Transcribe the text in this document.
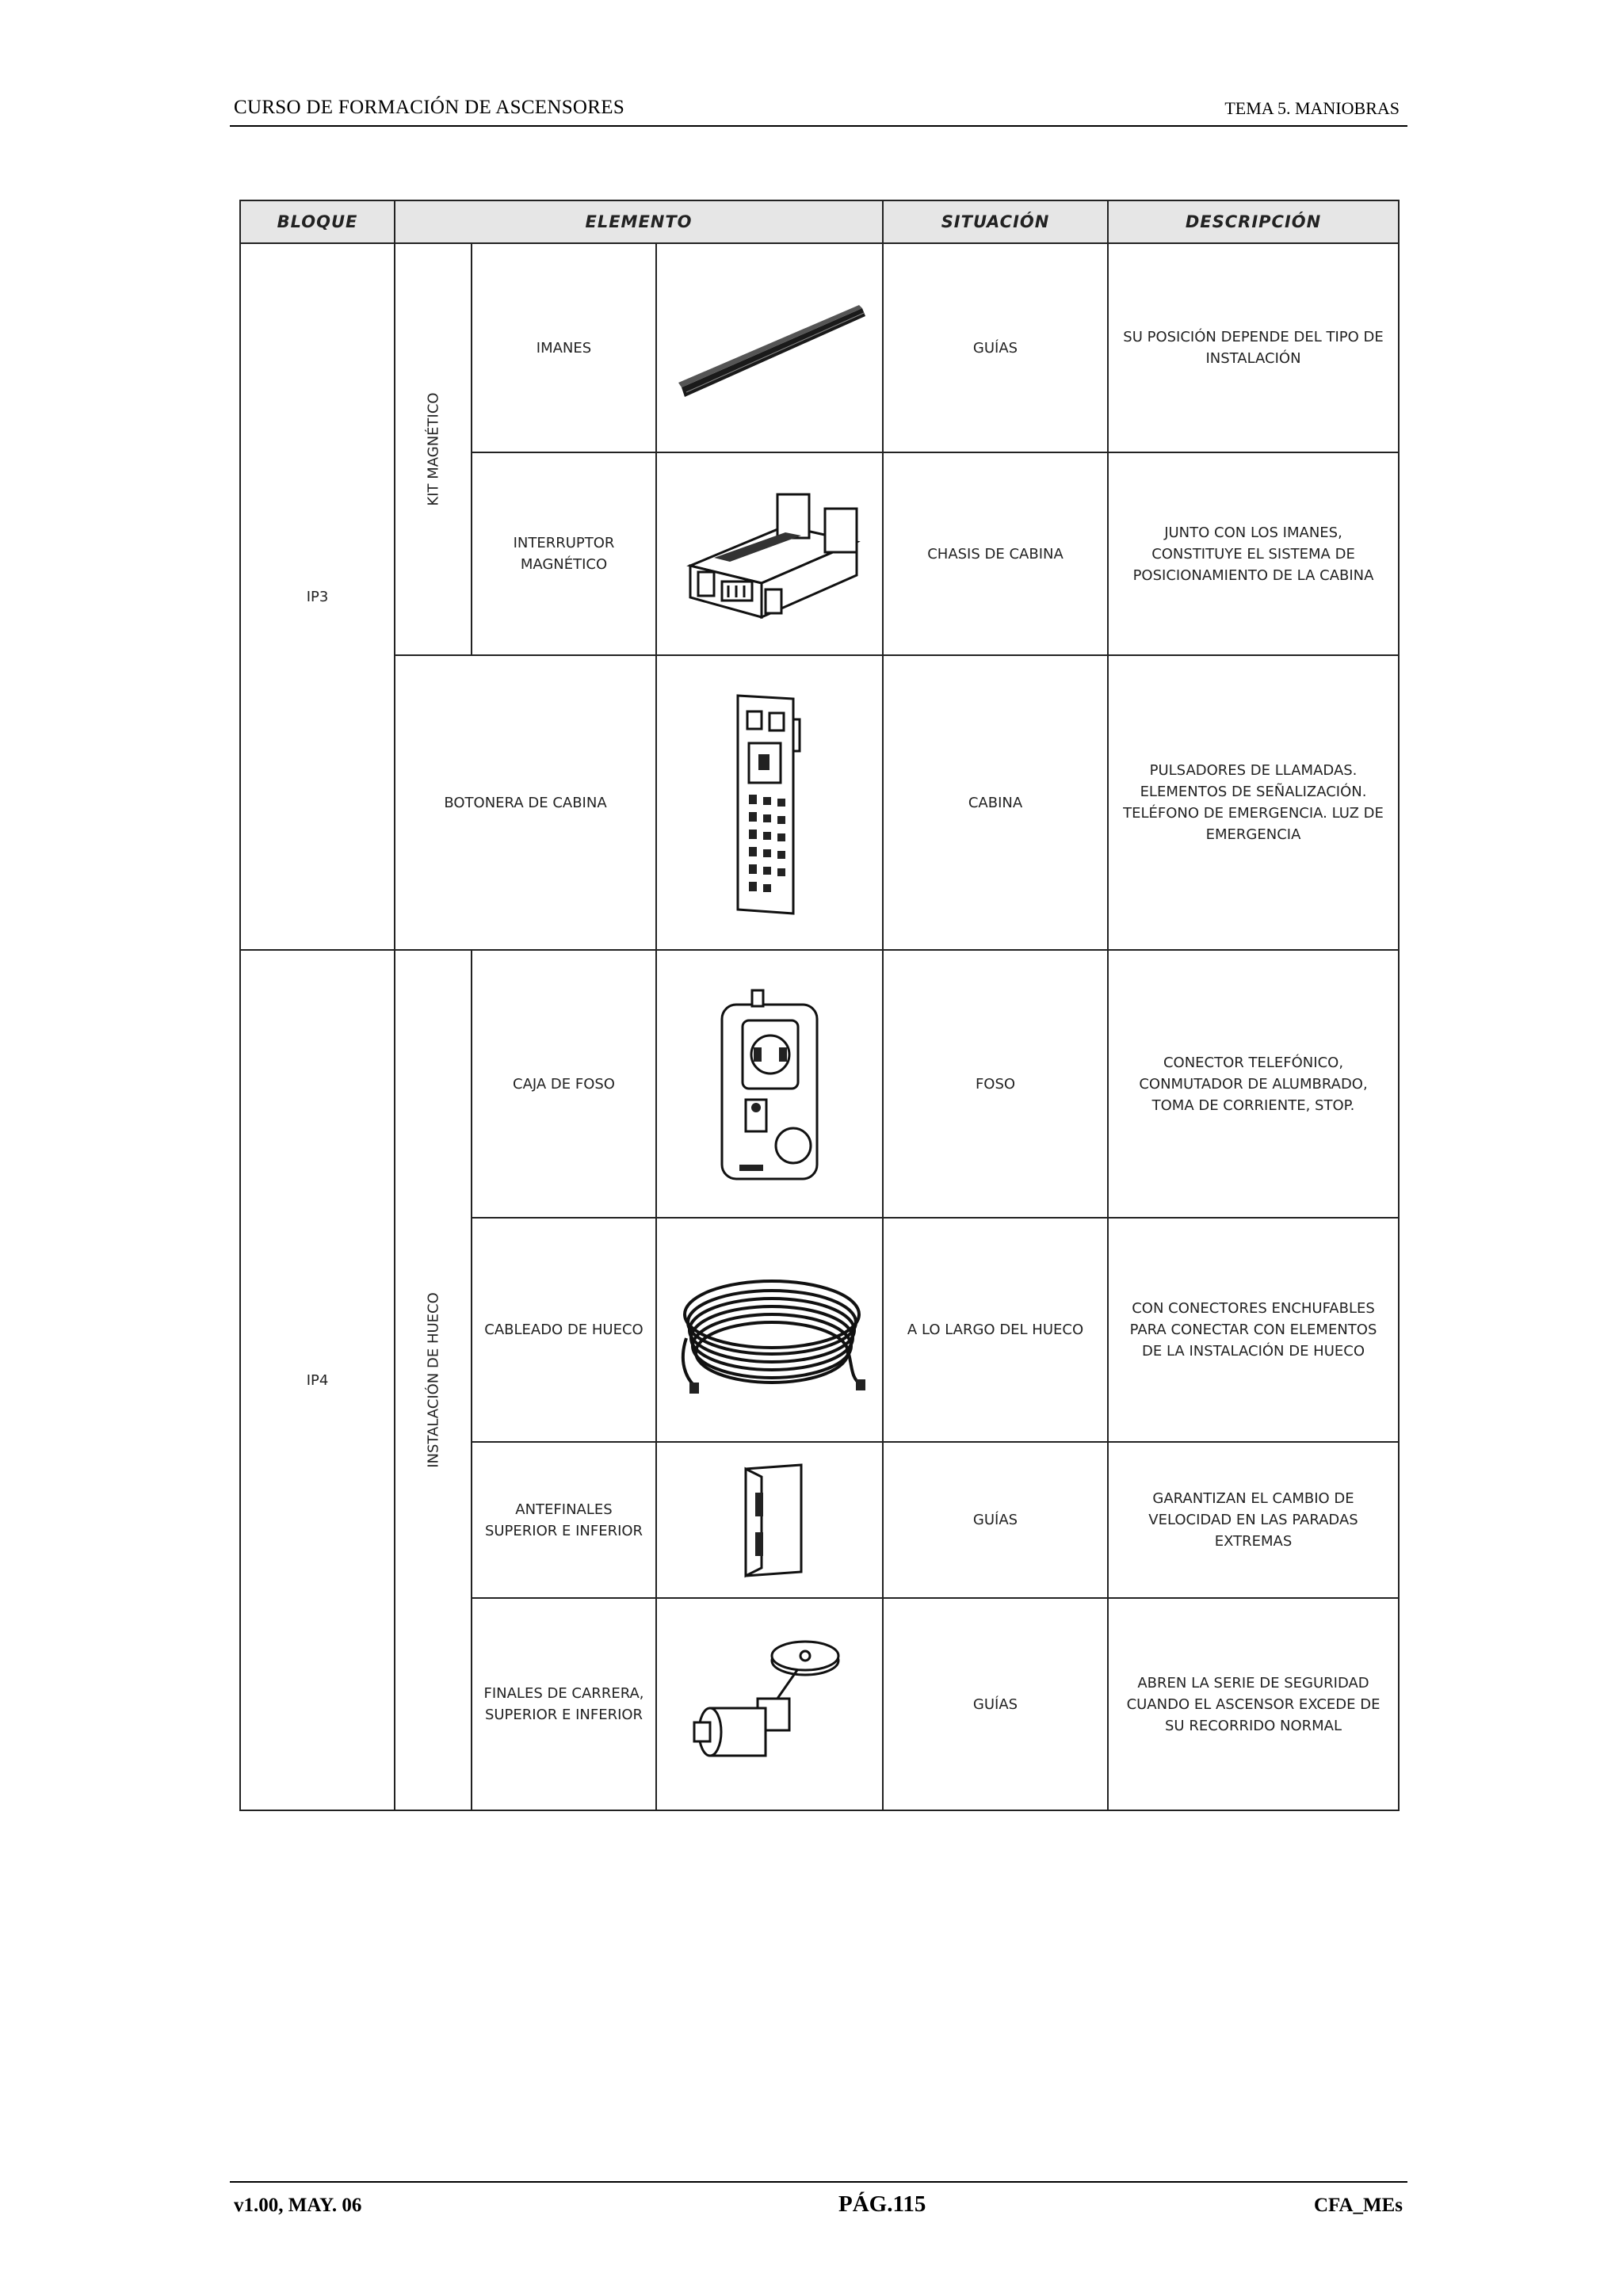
CURSO DE FORMACIÓN DE ASCENSORES	TEMA 5. MANIOBRAS
BLOQUE	ELEMENTO			SITUACIÓN	DESCRIPCIÓN
IP3	KIT MAGNÉTICO	IMANES		GUÍAS	SU POSICIÓN DEPENDE DEL TIPO DE INSTALACIÓN

		INTERRUPTOR MAGNÉTICO		CHASIS DE CABINA	JUNTO CON LOS IMANES, CONSTITUYE EL SISTEMA DE POSICIONAMIENTO DE LA CABINA

	BOTONERA DE CABINA			CABINA	PULSADORES DE LLAMADAS. ELEMENTOS DE SEÑALIZACIÓN. TELÉFONO DE EMERGENCIA. LUZ DE EMERGENCIA

IP4	INSTALACIÓN DE HUECO	CAJA DE FOSO		FOSO	CONECTOR TELEFÓNICO, CONMUTADOR DE ALUMBRADO, TOMA DE CORRIENTE, STOP.

		CABLEADO DE HUECO		A LO LARGO DEL HUECO	CON CONECTORES ENCHUFABLES PARA CONECTAR CON ELEMENTOS DE LA INSTALACIÓN DE HUECO

		ANTEFINALES SUPERIOR E INFERIOR		GUÍAS	GARANTIZAN EL CAMBIO DE VELOCIDAD EN LAS PARADAS EXTREMAS

		FINALES DE CARRERA, SUPERIOR E INFERIOR		GUÍAS	ABREN LA SERIE DE SEGURIDAD CUANDO EL ASCENSOR EXCEDE DE SU RECORRIDO NORMAL
v1.00, MAY. 06	PÁG.115	CFA_MEs
